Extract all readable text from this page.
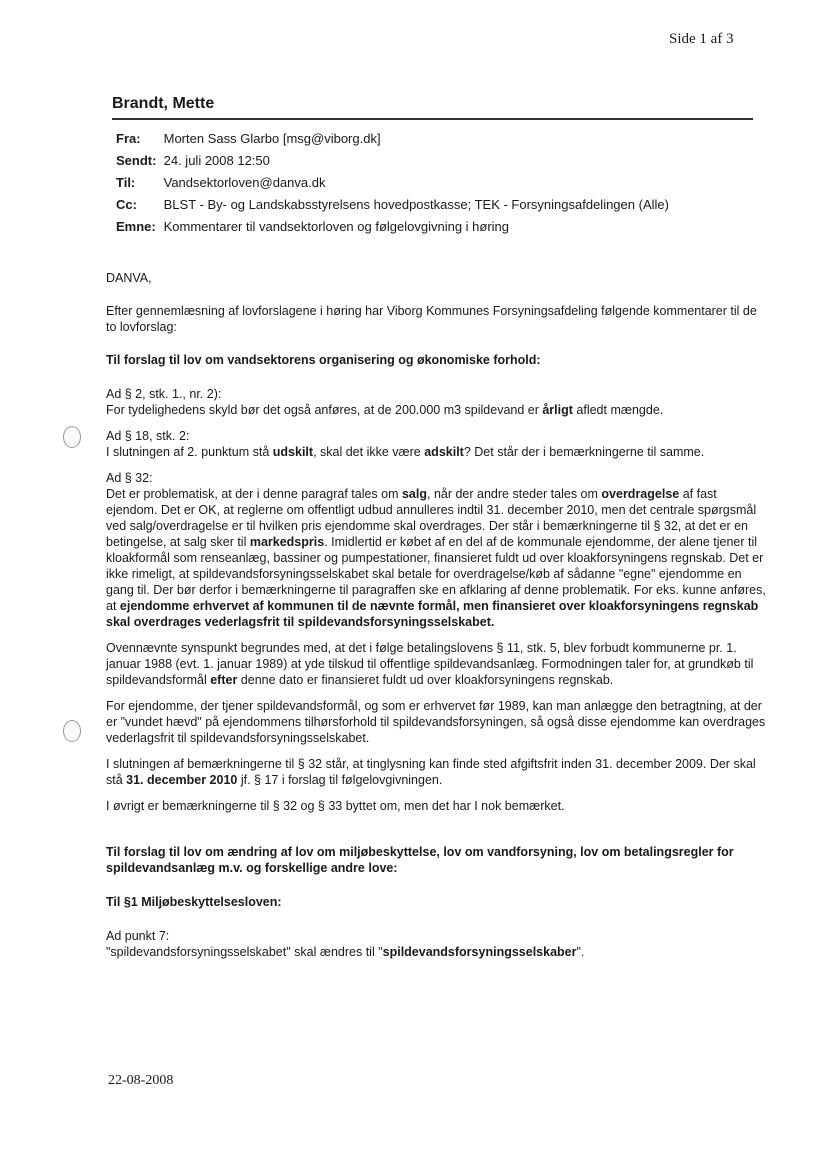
Side 1 af 3
Brandt, Mette
Fra: Morten Sass Glarbo [msg@viborg.dk]
Sendt: 24. juli 2008 12:50
Til: Vandsektorloven@danva.dk
Cc: BLST - By- og Landskabsstyrelsens hovedpostkasse; TEK - Forsyningsafdelingen (Alle)
Emne: Kommentarer til vandsektorloven og følgelovgivning i høring

DANVA,

Efter gennemlæsning af lovforslagene i høring har Viborg Kommunes Forsyningsafdeling følgende kommentarer til de to lovforslag:

Til forslag til lov om vandsektorens organisering og økonomiske forhold:

Ad § 2, stk. 1., nr. 2):
For tydelighedens skyld bør det også anføres, at de 200.000 m3 spildevand er årligt afledt mængde.

Ad § 18, stk. 2:
I slutningen af 2. punktum stå udskilt, skal det ikke være adskilt? Det står der i bemærkningerne til samme.

Ad § 32:
Det er problematisk, at der i denne paragraf tales om salg, når der andre steder tales om overdragelse af fast ejendom. Det er OK, at reglerne om offentligt udbud annulleres indtil 31. december 2010, men det centrale spørgsmål ved salg/overdragelse er til hvilken pris ejendomme skal overdrages. Der står i bemærkningerne til § 32, at det er en betingelse, at salg sker til markedspris. Imidlertid er købet af en del af de kommunale ejendomme, der alene tjener til kloakformål som renseanlæg, bassiner og pumpestationer, finansieret fuldt ud over kloakforsyningens regnskab. Det er ikke rimeligt, at spildevandsforsyningsselskabet skal betale for overdragelse/køb af sådanne "egne" ejendomme en gang til. Der bør derfor i bemærkningerne til paragraffen ske en afklaring af denne problematik. For eks. kunne anføres, at ejendomme erhvervet af kommunen til de nævnte formål, men finansieret over kloakforsyningens regnskab skal overdrages vederlagsfrit til spildevandsforsyningsselskabet.

Ovennævnte synspunkt begrundes med, at det i følge betalingslovens § 11, stk. 5, blev forbudt kommunerne pr. 1. januar 1988 (evt. 1. januar 1989) at yde tilskud til offentlige spildevandsanlæg. Formodningen taler for, at grundkøb til spildevandsformål efter denne dato er finansieret fuldt ud over kloakforsyningens regnskab.

For ejendomme, der tjener spildevandsformål, og som er erhvervet før 1989, kan man anlægge den betragtning, at der er "vundet hævd" på ejendommens tilhørsforhold til spildevandsforsyningen, så også disse ejendomme kan overdrages vederlagsfrit til spildevandsforsyningsselskabet.

I slutningen af bemærkningerne til § 32 står, at tinglysning kan finde sted afgiftsfrit inden 31. december 2009. Der skal stå 31. december 2010 jf. § 17 i forslag til følgelovgivningen.

I øvrigt er bemærkningerne til § 32 og § 33 byttet om, men det har I nok bemærket.

Til forslag til lov om ændring af lov om miljøbeskyttelse, lov om vandforsyning, lov om betalingsregler for spildevandsanlæg m.v. og forskellige andre love:

Til §1 Miljøbeskyttelsesloven:

Ad punkt 7:
"spildevandsforsyningsselskabet" skal ændres til "spildevandsforsyningsselskaber".

22-08-2008
